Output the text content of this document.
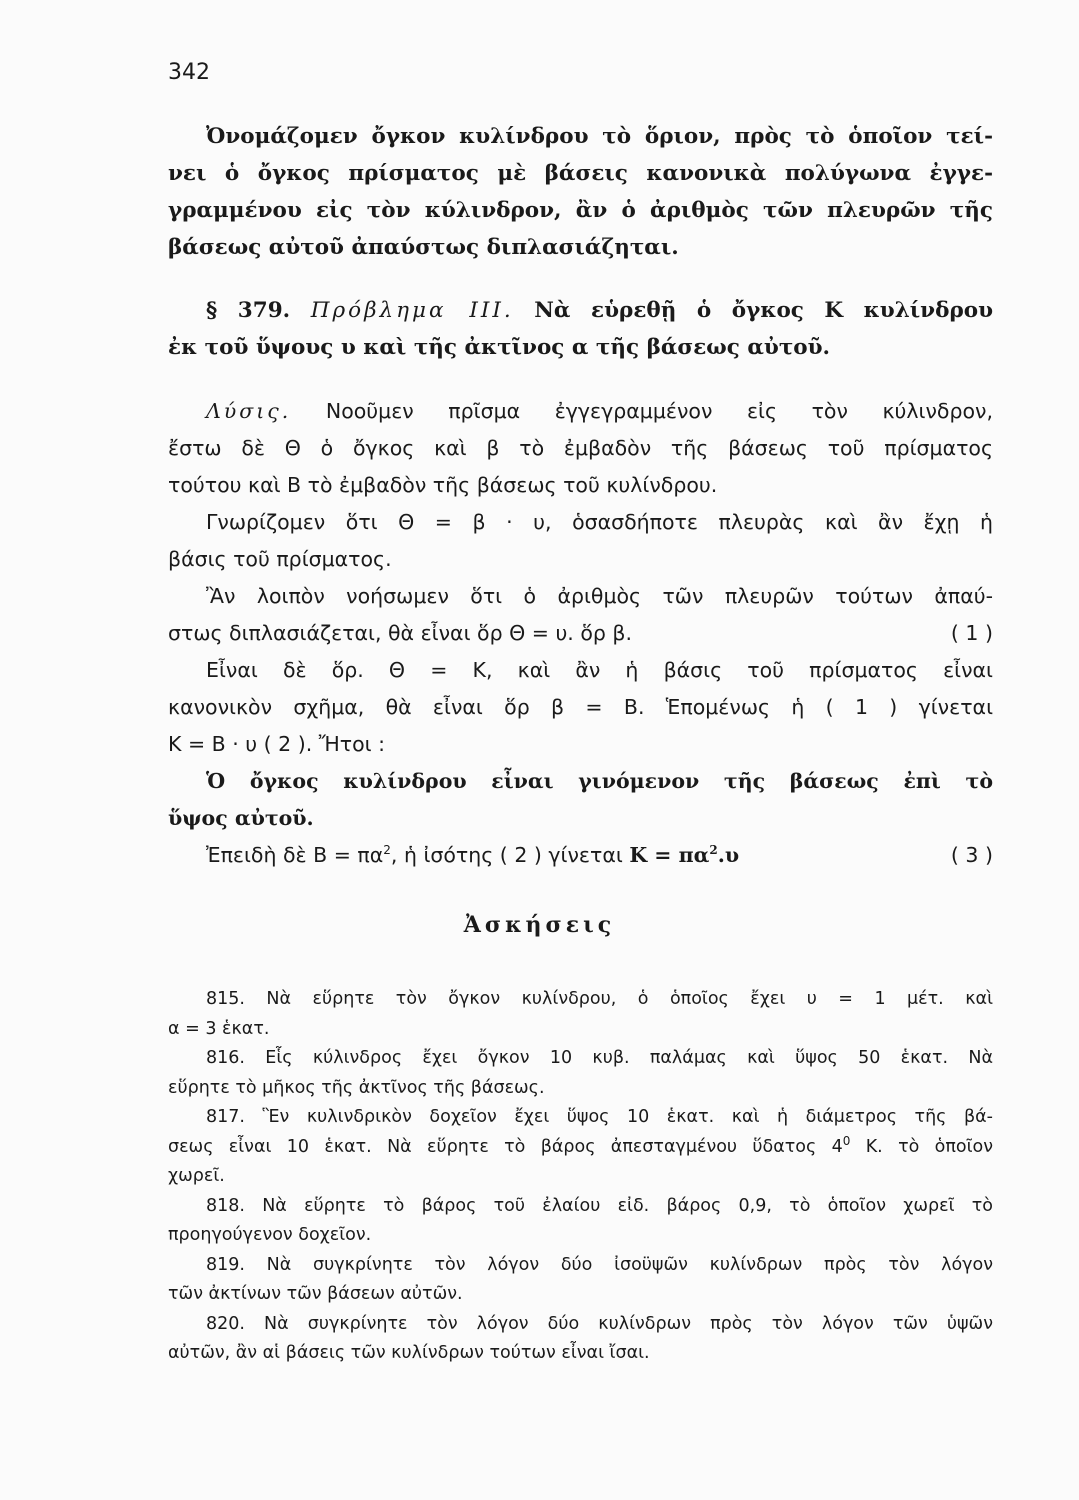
342
Ὀνομάζομεν ὄγκον κυλίνδρου τὸ ὅριον, πρὸς τὸ ὁποῖον τεί-
νει ὁ ὄγκος πρίσματος μὲ βάσεις κανονικὰ πολύγωνα ἐγγε-
γραμμένου εἰς τὸν κύλινδρον, ἂν ὁ ἀριθμὸς τῶν πλευρῶν τῆς
βάσεως αὐτοῦ ἀπαύστως διπλασιάζηται.
§ 379. Πρόβλημα ΙΙΙ. Νὰ εὑρεθῇ ὁ ὄγκος Κ κυλίνδρου
ἐκ τοῦ ὕψους υ καὶ τῆς ἀκτῖνος α τῆς βάσεως αὐτοῦ.
Λύσις. Νοοῦμεν πρῖσμα ἐγγεγραμμένον εἰς τὸν κύλινδρον,
ἔστω δὲ Θ ὁ ὄγκος καὶ β τὸ ἐμβαδὸν τῆς βάσεως τοῦ πρίσματος
τούτου καὶ Β τὸ ἐμβαδὸν τῆς βάσεως τοῦ κυλίνδρου.
Γνωρίζομεν ὅτι Θ = β · υ, ὁσασδήποτε πλευρὰς καὶ ἂν ἔχῃ ἡ
βάσις τοῦ πρίσματος.
Ἂν λοιπὸν νοήσωμεν ὅτι ὁ ἀριθμὸς τῶν πλευρῶν τούτων ἀπαύ-
στως διπλασιάζεται, θὰ εἶναι ὅρ Θ = υ. ὅρ β.	( 1 )
Εἶναι δὲ ὅρ. Θ = Κ, καὶ ἂν ἡ βάσις τοῦ πρίσματος εἶναι
κανονικὸν σχῆμα, θὰ εἶναι ὅρ β = Β. Ἑπομένως ἡ ( 1 ) γίνεται
Κ = Β · υ ( 2 ). Ἤτοι :
Ὁ ὄγκος κυλίνδρου εἶναι γινόμενον τῆς βάσεως ἐπὶ τὸ
ὕψος αὐτοῦ.
Ἐπειδὴ δὲ $B = \pi\alpha^2$, ἡ ἰσότης ( 2 ) γίνεται $K = \pi\alpha^2.\upsilon$	( 3 )
Ἀσκήσεις

815. Νὰ εὕρητε τὸν ὄγκον κυλίνδρου, ὁ ὁποῖος ἔχει υ = 1 μέτ. καὶ
α = 3 ἑκατ.

816. Εἷς κύλινδρος ἔχει ὄγκον 10 κυβ. παλάμας καὶ ὕψος 50 ἑκατ. Νὰ
εὕρητε τὸ μῆκος τῆς ἀκτῖνος τῆς βάσεως.

817. Ἓν κυλινδρικὸν δοχεῖον ἔχει ὕψος 10 ἑκατ. καὶ ἡ διάμετρος τῆς βά-
σεως εἶναι 10 ἑκατ. Νὰ εὕρητε τὸ βάρος ἀπεσταγμένου ὕδατος $4^0$ Κ. τὸ ὁποῖον
χωρεῖ.

818. Νὰ εὕρητε τὸ βάρος τοῦ ἐλαίου εἰδ. βάρος 0,9, τὸ ὁποῖον χωρεῖ τὸ
προηγούγενον δοχεῖον.

819. Νὰ συγκρίνητε τὸν λόγον δύο ἰσοϋψῶν κυλίνδρων πρὸς τὸν λόγον
τῶν ἀκτίνων τῶν βάσεων αὐτῶν.

820. Νὰ συγκρίνητε τὸν λόγον δύο κυλίνδρων πρὸς τὸν λόγον τῶν ὑψῶν
αὐτῶν, ἂν αἱ βάσεις τῶν κυλίνδρων τούτων εἶναι ἴσαι.
